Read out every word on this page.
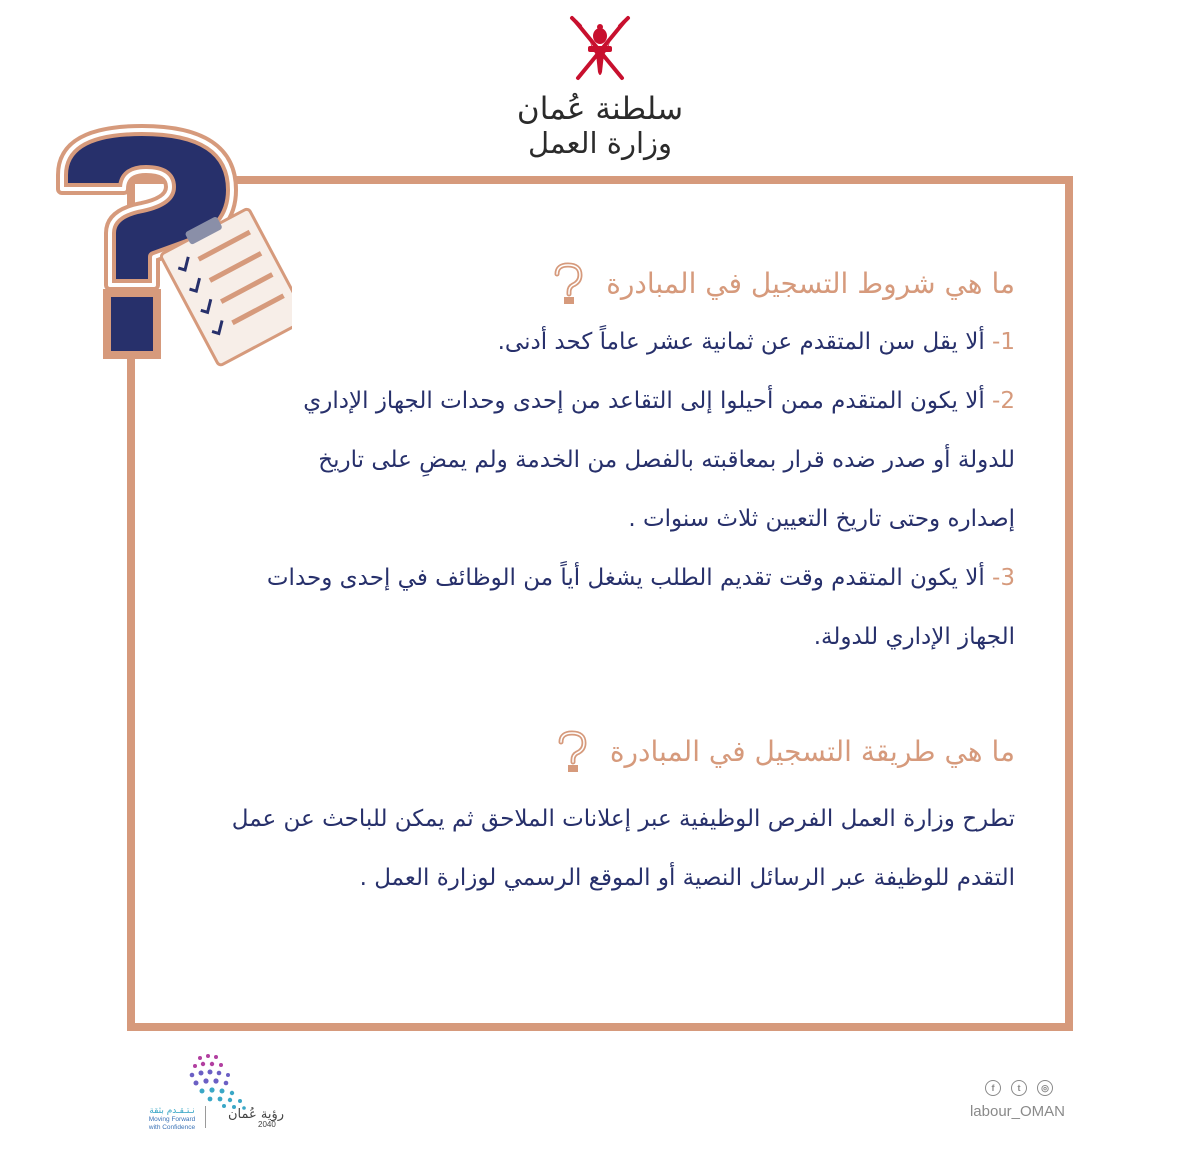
سلطنة عُمان
وزارة العمل
ما هي شروط التسجيل في المبادرة

1- ألا يقل سن المتقدم عن ثمانية عشر عاماً كحد أدنى.

2- ألا يكون المتقدم ممن أحيلوا إلى التقاعد من إحدى وحدات الجهاز الإداري

للدولة أو صدر ضده قرار بمعاقبته بالفصل من الخدمة ولم يمضِ على تاريخ

إصداره وحتى تاريخ التعيين ثلاث سنوات .

3- ألا يكون المتقدم وقت تقديم الطلب يشغل أياً من الوظائف في إحدى وحدات

الجهاز الإداري للدولة.

ما هي طريقة التسجيل في المبادرة

تطرح وزارة العمل الفرص الوظيفية عبر إعلانات الملاحق ثم يمكن للباحث عن عمل

التقدم للوظيفة عبر الرسائل النصية أو الموقع الرسمي لوزارة العمل .

f	t	◎
labour_OMAN
رؤية عُمان
2040
نـتـقـدم بثقة
Moving Forward
with Confidence
